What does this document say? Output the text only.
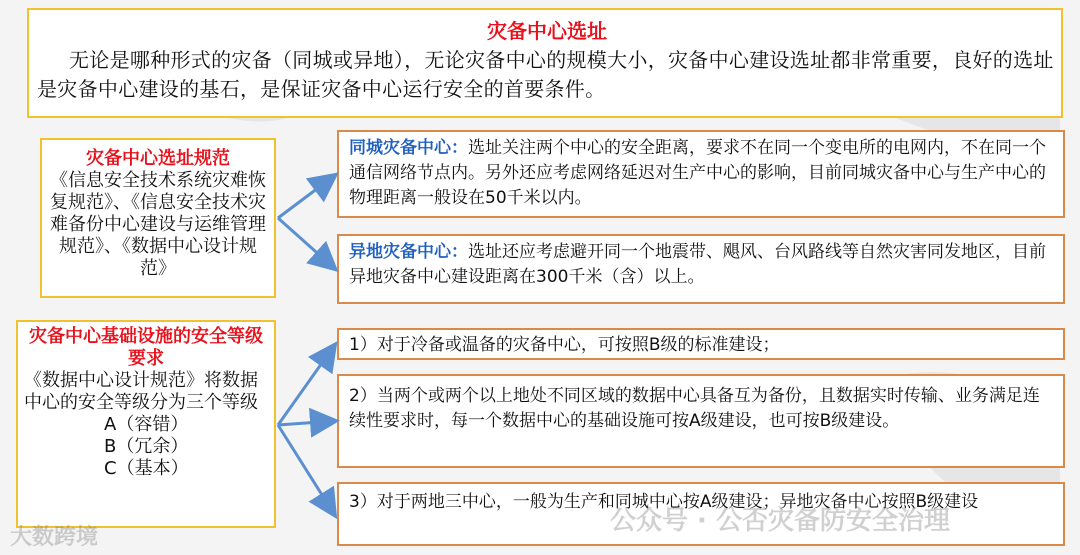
灾备中心选址
无论是哪种形式的灾备（同城或异地），无论灾备中心的规模大小，灾备中心建设选址都非常重要，良好的选址是灾备中心建设的基石，是保证灾备中心运行安全的首要条件。
灾备中心选址规范
《信息安全技术系统灾难恢复规范》、《信息安全技术灾难备份中心建设与运维管理规范》、《数据中心设计规范》
灾备中心基础设施的安全等级要求
《数据中心设计规范》将数据中心的安全等级分为三个等级
A（容错）
B（冗余）
C（基本）
同城灾备中心：选址关注两个中心的安全距离，要求不在同一个变电所的电网内，不在同一个通信网络节点内。另外还应考虑网络延迟对生产中心的影响，目前同城灾备中心与生产中心的物理距离一般设在50千米以内。
异地灾备中心：选址还应考虑避开同一个地震带、飓风、台风路线等自然灾害同发地区，目前异地灾备中心建设距离在300千米（含）以上。
1）对于冷备或温备的灾备中心，可按照B级的标准建设；
2）当两个或两个以上地处不同区域的数据中心具备互为备份，且数据实时传输、业务满足连续性要求时，每一个数据中心的基础设施可按A级建设，也可按B级建设。
3）对于两地三中心，一般为生产和同城中心按A级建设；异地灾备中心按照B级建设
大数跨境
公众号 · 公否灾备防安全治理
